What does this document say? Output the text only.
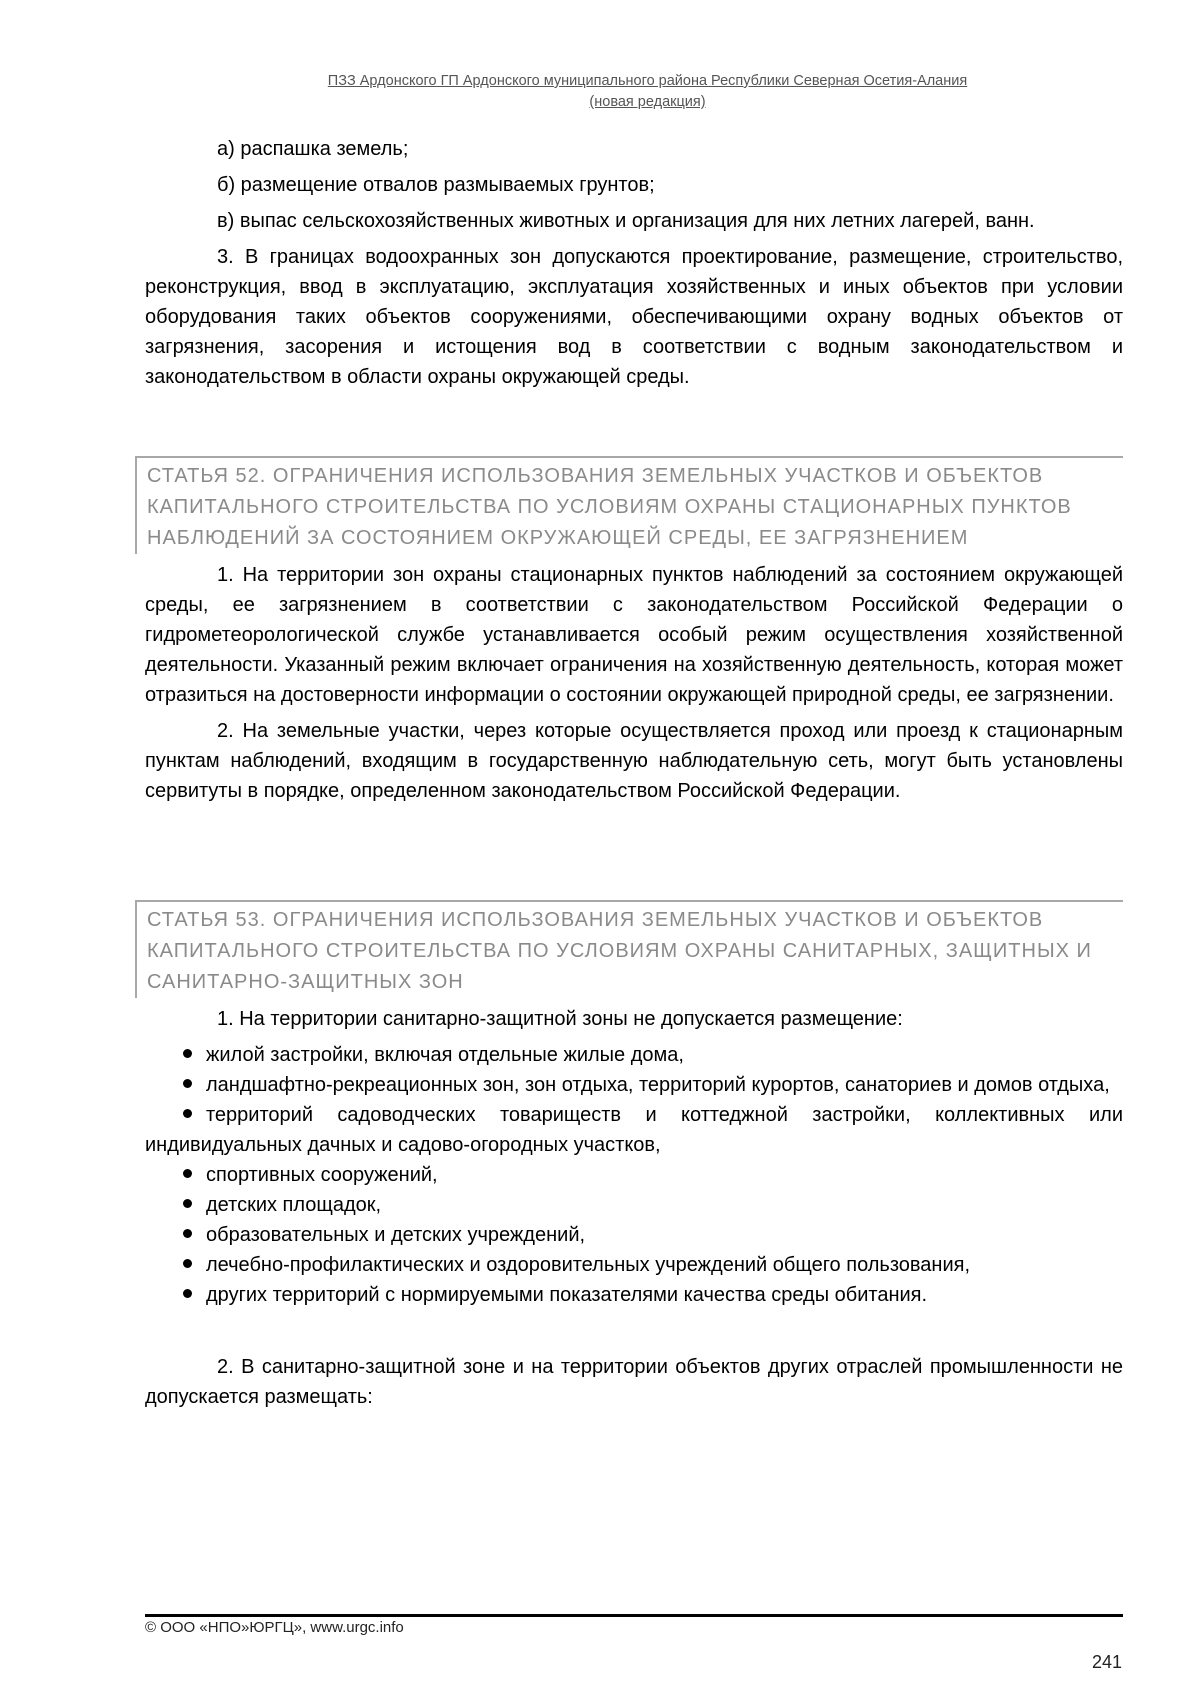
ПЗЗ Ардонского ГП Ардонского муниципального района Республики Северная Осетия-Алания
(новая редакция)

а) распашка земель;

б) размещение отвалов размываемых грунтов;

в) выпас сельскохозяйственных животных и организация для них летних лагерей, ванн.

3. В границах водоохранных зон допускаются проектирование, размещение, строительство, реконструкция, ввод в эксплуатацию, эксплуатация хозяйственных и иных объектов при условии оборудования таких объектов сооружениями, обеспечивающими охрану водных объектов от загрязнения, засорения и истощения вод в соответствии с водным законодательством и законодательством в области охраны окружающей среды.

СТАТЬЯ 52. ОГРАНИЧЕНИЯ ИСПОЛЬЗОВАНИЯ ЗЕМЕЛЬНЫХ УЧАСТКОВ И ОБЪЕКТОВ КАПИТАЛЬНОГО СТРОИТЕЛЬСТВА ПО УСЛОВИЯМ ОХРАНЫ СТАЦИОНАРНЫХ ПУНКТОВ НАБЛЮДЕНИЙ ЗА СОСТОЯНИЕМ ОКРУЖАЮЩЕЙ СРЕДЫ, ЕЕ ЗАГРЯЗНЕНИЕМ

1. На территории зон охраны стационарных пунктов наблюдений за состоянием окружающей среды, ее загрязнением в соответствии с законодательством Российской Федерации о гидрометеорологической службе устанавливается особый режим осуществления хозяйственной деятельности. Указанный режим включает ограничения на хозяйственную деятельность, которая может отразиться на достоверности информации о состоянии окружающей природной среды, ее загрязнении.

2. На земельные участки, через которые осуществляется проход или проезд к стационарным пунктам наблюдений, входящим в государственную наблюдательную сеть, могут быть установлены сервитуты в порядке, определенном законодательством Российской Федерации.

СТАТЬЯ 53. ОГРАНИЧЕНИЯ ИСПОЛЬЗОВАНИЯ ЗЕМЕЛЬНЫХ УЧАСТКОВ И ОБЪЕКТОВ КАПИТАЛЬНОГО СТРОИТЕЛЬСТВА ПО УСЛОВИЯМ ОХРАНЫ САНИТАРНЫХ, ЗАЩИТНЫХ И САНИТАРНО-ЗАЩИТНЫХ ЗОН

1. На территории санитарно-защитной зоны не допускается размещение:

жилой застройки, включая отдельные жилые дома,
ландшафтно-рекреационных зон, зон отдыха, территорий курортов, санаториев и домов отдыха,
территорий садоводческих товариществ и коттеджной застройки, коллективных или индивидуальных дачных и садово-огородных участков,
спортивных сооружений,
детских площадок,
образовательных и детских учреждений,
лечебно-профилактических и оздоровительных учреждений общего пользования,
других территорий с нормируемыми показателями качества среды обитания.

2. В санитарно-защитной зоне и на территории объектов других отраслей промышленности не допускается размещать:

© ООО «НПО»ЮРГЦ», www.urgc.info
241
